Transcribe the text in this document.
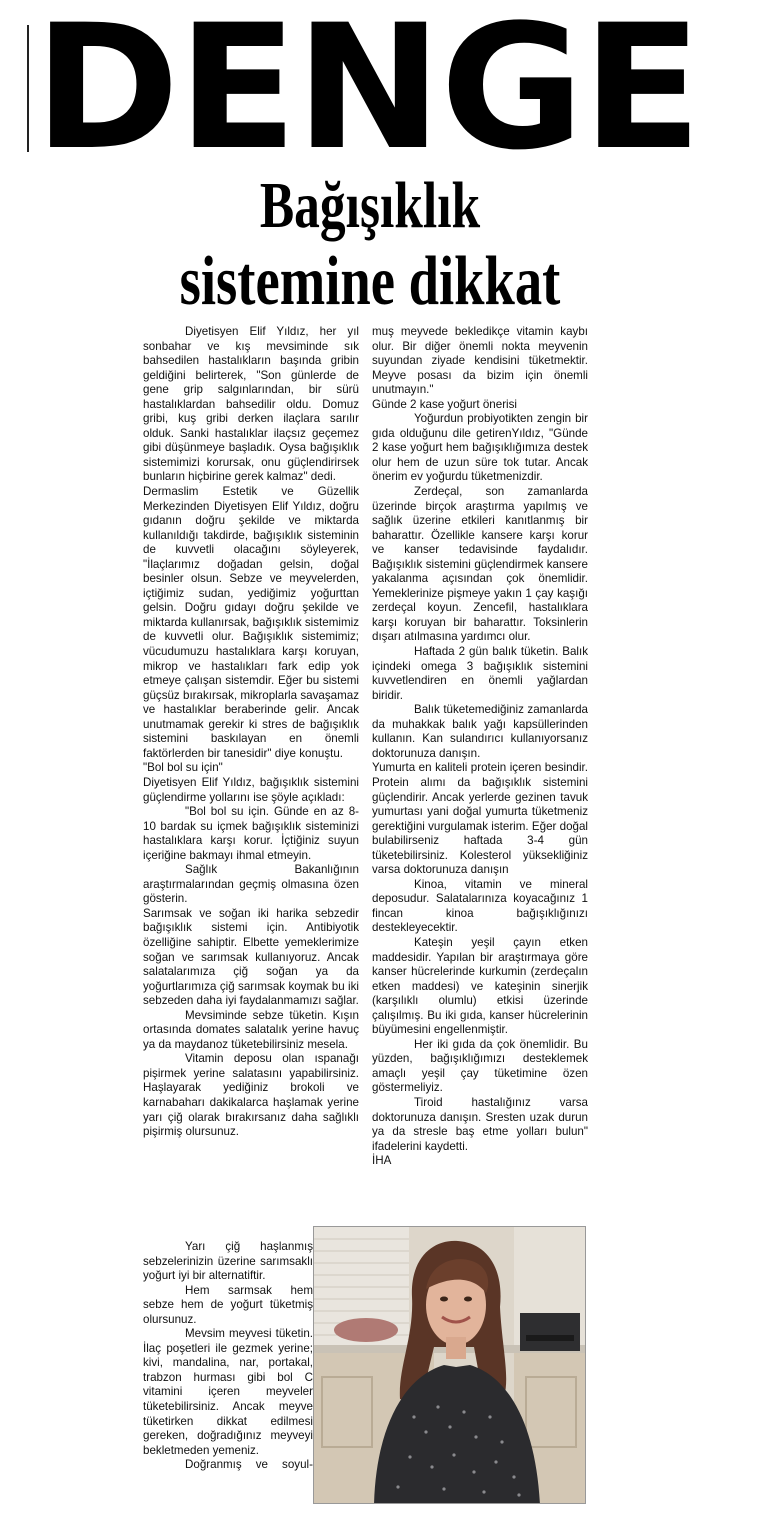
DENGE
Bağışıklık
sistemine dikkat

Diyetisyen Elif Yıldız, her yıl sonbahar ve kış mevsiminde sık bahsedilen hastalıkların başında gribin geldiğini belirterek, "Son günlerde de gene grip salgınlarından, bir sürü hastalıklardan bahsedilir oldu. Domuz gribi, kuş gribi derken ilaçlara sarılır olduk. Sanki hastalıklar ilaçsız geçemez gibi düşünmeye başladık. Oysa bağışıklık sistemimizi korursak, onu güçlendirirsek bunların hiçbirine gerek kalmaz" dedi.

Dermaslim Estetik ve Güzellik Merkezinden Diyetisyen Elif Yıldız, doğru gıdanın doğru şekilde ve miktarda kullanıldığı takdirde, bağışıklık sisteminin de kuvvetli olacağını söyleyerek, "İlaçlarımız doğadan gelsin, doğal besinler olsun. Sebze ve meyvelerden, içtiğimiz sudan, yediğimiz yoğurttan gelsin. Doğru gıdayı doğru şekilde ve miktarda kullanırsak, bağışıklık sistemimiz de kuvvetli olur. Bağışıklık sistemimiz; vücudumuzu hastalıklara karşı koruyan, mikrop ve hastalıkları fark edip yok etmeye çalışan sistemdir. Eğer bu sistemi güçsüz bırakırsak, mikroplarla savaşamaz ve hastalıklar beraberinde gelir. Ancak unutmamak gerekir ki stres de bağışıklık sistemini baskılayan en önemli faktörlerden bir tanesidir" diye konuştu.

"Bol bol su için"

Diyetisyen Elif Yıldız, bağışıklık sistemini güçlendirme yollarını ise şöyle açıkladı:

"Bol bol su için. Günde en az 8-10 bardak su içmek bağışıklık sisteminizi hastalıklara karşı korur. İçtiğiniz suyun içeriğine bakmayı ihmal etmeyin.

Sağlık Bakanlığının araştırmalarından geçmiş olmasına özen gösterin.

Sarımsak ve soğan iki harika sebzedir bağışıklık sistemi için. Antibiyotik özelliğine sahiptir. Elbette yemeklerimize soğan ve sarımsak kullanıyoruz. Ancak salatalarımıza çiğ soğan ya da yoğurtlarımıza çiğ sarımsak koymak bu iki sebzeden daha iyi faydalanmamızı sağlar.

Mevsiminde sebze tüketin. Kışın ortasında domates salatalık yerine havuç ya da maydanoz tüketebilirsiniz mesela.

Vitamin deposu olan ıspanağı pişirmek yerine salatasını yapabilirsiniz. Haşlayarak yediğiniz brokoli ve karnabaharı dakikalarca haşlamak yerine yarı çiğ olarak bırakırsanız daha sağlıklı pişirmiş olursunuz.

Yarı çiğ haşlanmış sebzelerinizin üzerine sarımsaklı yoğurt iyi bir alternatiftir.

Hem sarmsak hem sebze hem de yoğurt tüketmiş olursunuz.

Mevsim meyvesi tüketin. İlaç poşetleri ile gezmek yerine; kivi, mandalina, nar, portakal, trabzon hurması gibi bol C vitamini içeren meyveler tüketebilirsiniz. Ancak meyve tüketirken dikkat edilmesi gereken, doğradığınız meyveyi bekletmeden yemeniz.

Doğranmış ve soyul-

muş meyvede bekledikçe vitamin kaybı olur. Bir diğer önemli nokta meyvenin suyundan ziyade kendisini tüketmektir. Meyve posası da bizim için önemli unutmayın."

Günde 2 kase yoğurt önerisi

Yoğurdun probiyotikten zengin bir gıda olduğunu dile getirenYıldız, "Günde 2 kase yoğurt hem bağışıklığımıza destek olur hem de uzun süre tok tutar. Ancak önerim ev yoğurdu tüketmenizdir.

Zerdeçal, son zamanlarda üzerinde birçok araştırma yapılmış ve sağlık üzerine etkileri kanıtlanmış bir baharattır. Özellikle kansere karşı korur ve kanser tedavisinde faydalıdır. Bağışıklık sistemini güçlendirmek kansere yakalanma açısından çok önemlidir. Yemeklerinize pişmeye yakın 1 çay kaşığı zerdeçal koyun. Zencefil, hastalıklara karşı koruyan bir baharattır. Toksinlerin dışarı atılmasına yardımcı olur.

Haftada 2 gün balık tüketin. Balık içindeki omega 3 bağışıklık sistemini kuvvetlendiren en önemli yağlardan biridir.

Balık tüketemediğiniz zamanlarda da muhakkak balık yağı kapsüllerinden kullanın. Kan sulandırıcı kullanıyorsanız doktorunuza danışın.

Yumurta en kaliteli protein içeren besindir. Protein alımı da bağışıklık sistemini güçlendirir. Ancak yerlerde gezinen tavuk yumurtası yani doğal yumurta tüketmeniz gerektiğini vurgulamak isterim. Eğer doğal bulabilirseniz haftada 3-4 gün tüketebilirsiniz. Kolesterol yüksekliğiniz varsa doktorunuza danışın

Kinoa, vitamin ve mineral deposudur. Salatalarınıza koyacağınız 1 fincan kinoa bağışıklığınızı destekleyecektir.

Kateşin yeşil çayın etken maddesidir. Yapılan bir araştırmaya göre kanser hücrelerinde kurkumin (zerdeçalın etken maddesi) ve kateşinin sinerjik (karşılıklı olumlu) etkisi üzerinde çalışılmış. Bu iki gıda, kanser hücrelerinin büyümesini engellenmiştir.

Her iki gıda da çok önemlidir. Bu yüzden, bağışıklığımızı desteklemek amaçlı yeşil çay tüketimine özen göstermeliyiz.

Tiroid hastalığınız varsa doktorunuza danışın. Sresten uzak durun ya da stresle baş etme yolları bulun" ifadelerini kaydetti.

İHA
